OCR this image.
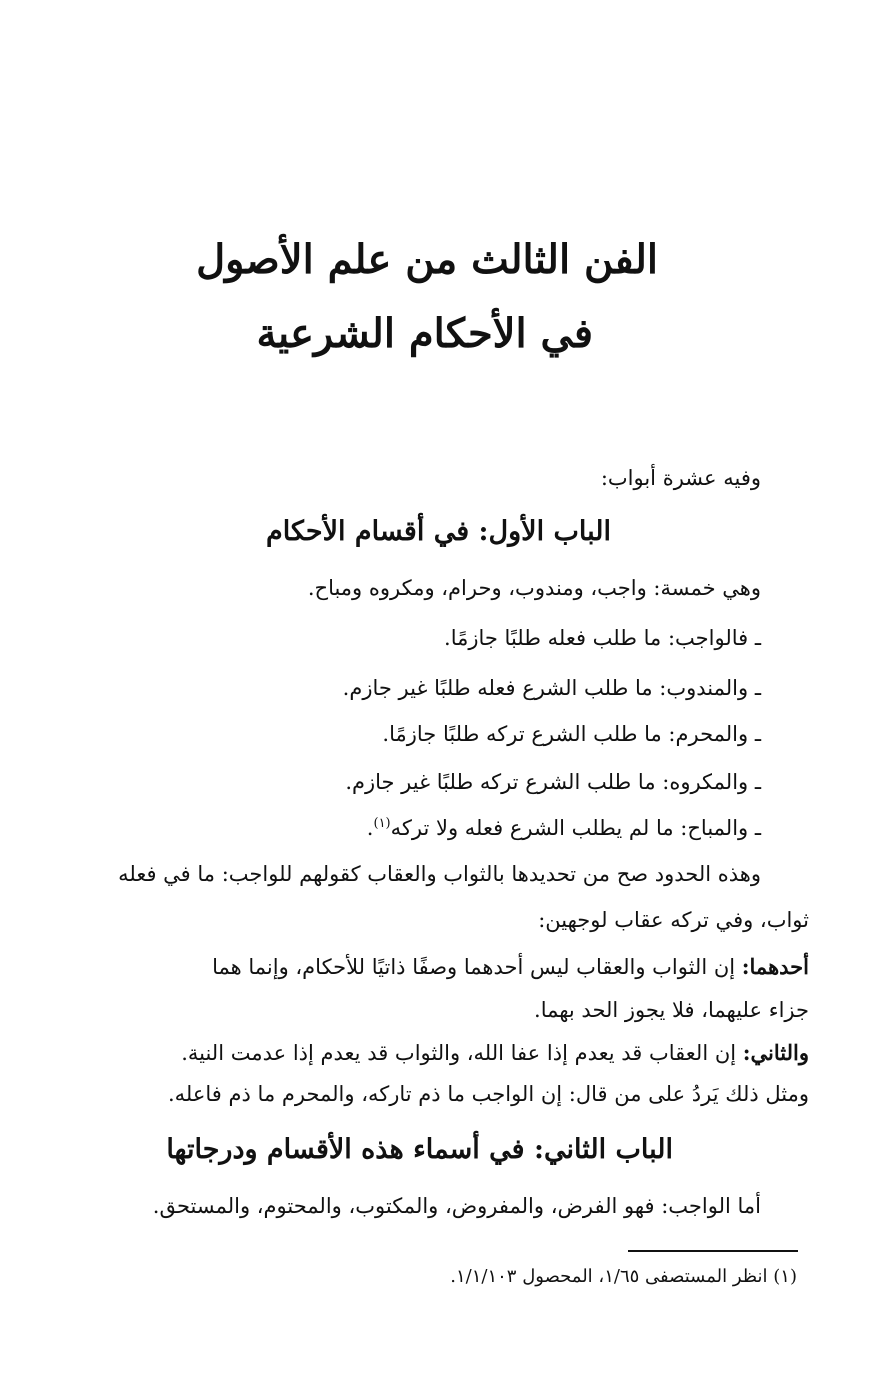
الفن الثالث من علم الأصول
في الأحكام الشرعية
وفيه عشرة أبواب:
الباب الأول: في أقسام الأحكام
وهي خمسة: واجب، ومندوب، وحرام، ومكروه ومباح.
ـ فالواجب: ما طلب فعله طلبًا جازمًا.
ـ والمندوب: ما طلب الشرع فعله طلبًا غير جازم.
ـ والمحرم: ما طلب الشرع تركه طلبًا جازمًا.
ـ والمكروه: ما طلب الشرع تركه طلبًا غير جازم.
ـ والمباح: ما لم يطلب الشرع فعله ولا تركه$^{(١)}$.
وهذه الحدود صح من تحديدها بالثواب والعقاب كقولهم للواجب: ما في فعله
ثواب، وفي تركه عقاب لوجهين:
أحدهما: إن الثواب والعقاب ليس أحدهما وصفًا ذاتيًا للأحكام، وإنما هما
جزاء عليهما، فلا يجوز الحد بهما.
والثاني: إن العقاب قد يعدم إذا عفا الله، والثواب قد يعدم إذا عدمت النية.
ومثل ذلك يَردُ على من قال: إن الواجب ما ذم تاركه، والمحرم ما ذم فاعله.
الباب الثاني: في أسماء هذه الأقسام ودرجاتها
أما الواجب: فهو الفرض، والمفروض، والمكتوب، والمحتوم، والمستحق.
(١) انظر المستصفى ١/٦٥، المحصول ١/١/١٠٣.
